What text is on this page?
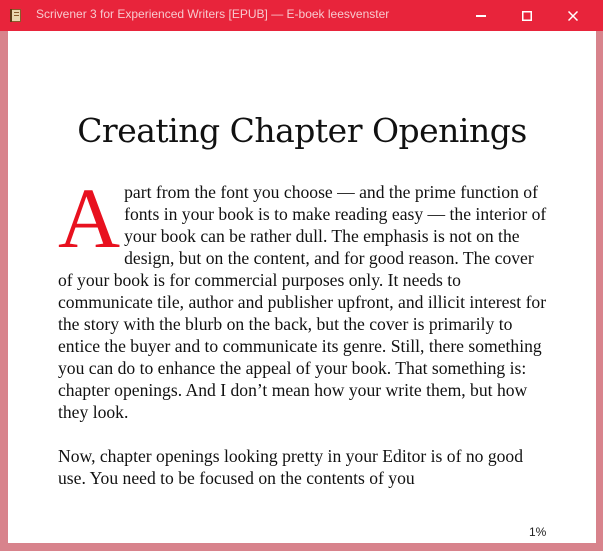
Scrivener 3 for Experienced Writers [EPUB] — E-boek leesvenster
Creating Chapter Openings

Apart from the font you choose — and the prime function of fonts in your book is to make reading easy — the interior of your book can be rather dull. The emphasis is not on the design, but on the content, and for good reason. The cover of your book is for commercial purposes only. It needs to communicate tile, author and publisher upfront, and illicit interest for the story with the blurb on the back, but the cover is primarily to entice the buyer and to communicate its genre. Still, there something you can do to enhance the appeal of your book. That something is: chapter openings. And I don’t mean how your write them, but how they look.

Now, chapter openings looking pretty in your Editor is of no good use. You need to be focused on the contents of you

1%
